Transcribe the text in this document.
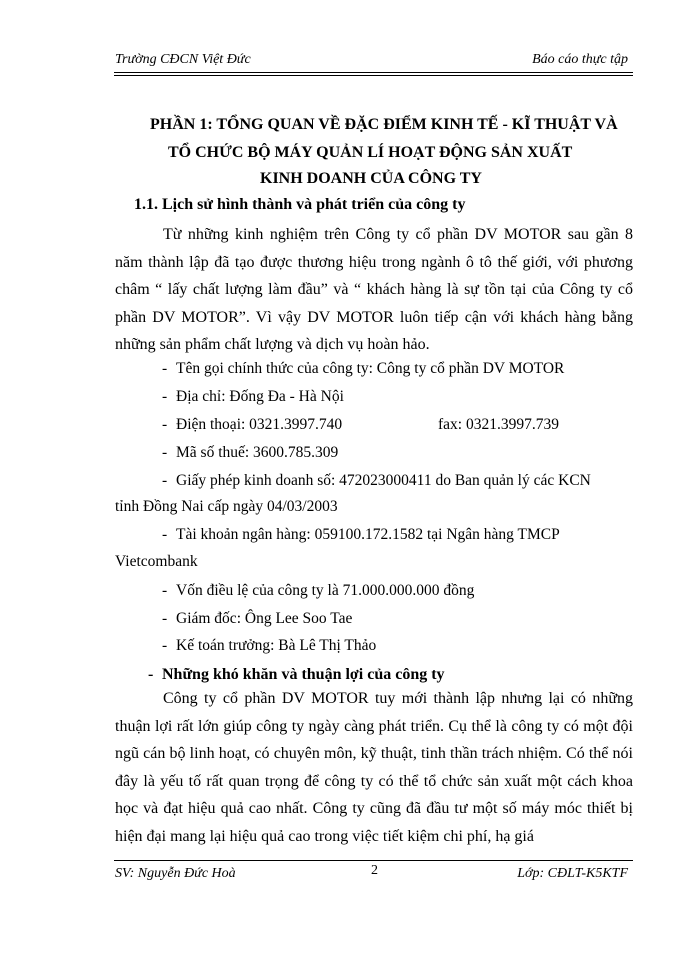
Trường CĐCN Việt Đức	Báo cáo thực tập
PHẦN 1: TỔNG QUAN VỀ ĐẶC ĐIỂM KINH TẾ - KĨ THUẬT VÀ
TỔ CHỨC BỘ MÁY QUẢN LÍ HOẠT ĐỘNG SẢN XUẤT
KINH DOANH CỦA CÔNG TY
1.1. Lịch sử hình thành và phát triển của công ty
Từ những kinh nghiệm trên Công ty cổ phần DV MOTOR sau gần 8 năm thành lập đã tạo được thương hiệu trong ngành ô tô thế giới, với phương châm “ lấy chất lượng làm đầu” và “ khách hàng là sự tồn tại của Công ty cổ phần DV MOTOR”. Vì vậy DV MOTOR luôn tiếp cận với khách hàng bằng những sản phẩm chất lượng và dịch vụ hoàn hảo.
- Tên gọi chính thức của công ty: Công ty cổ phần DV MOTOR
- Địa chỉ: Đống Đa - Hà Nội
- Điện thoại: 0321.3997.740	fax: 0321.3997.739
- Mã số thuế: 3600.785.309
- Giấy phép kinh doanh số: 472023000411 do Ban quản lý các KCN
tỉnh Đồng Nai cấp ngày 04/03/2003
- Tài khoản ngân hàng: 059100.172.1582 tại Ngân hàng TMCP
Vietcombank
- Vốn điều lệ của công ty là 71.000.000.000 đồng
- Giám đốc: Ông Lee Soo Tae
- Kế toán trưởng: Bà Lê Thị Thảo
- Những khó khăn và thuận lợi của công ty
Công ty cổ phần DV MOTOR tuy mới thành lập nhưng lại có những thuận lợi rất lớn giúp công ty ngày càng phát triển. Cụ thể là công ty có một đội ngũ cán bộ linh hoạt, có chuyên môn, kỹ thuật, tinh thần trách nhiệm. Có thể nói đây là yếu tố rất quan trọng để công ty có thể tổ chức sản xuất một cách khoa học và đạt hiệu quả cao nhất. Công ty cũng đã đầu tư một số máy móc thiết bị hiện đại mang lại hiệu quả cao trong việc tiết kiệm chi phí, hạ giá
SV: Nguyễn Đức Hoà	2	Lớp: CĐLT-K5KTF
